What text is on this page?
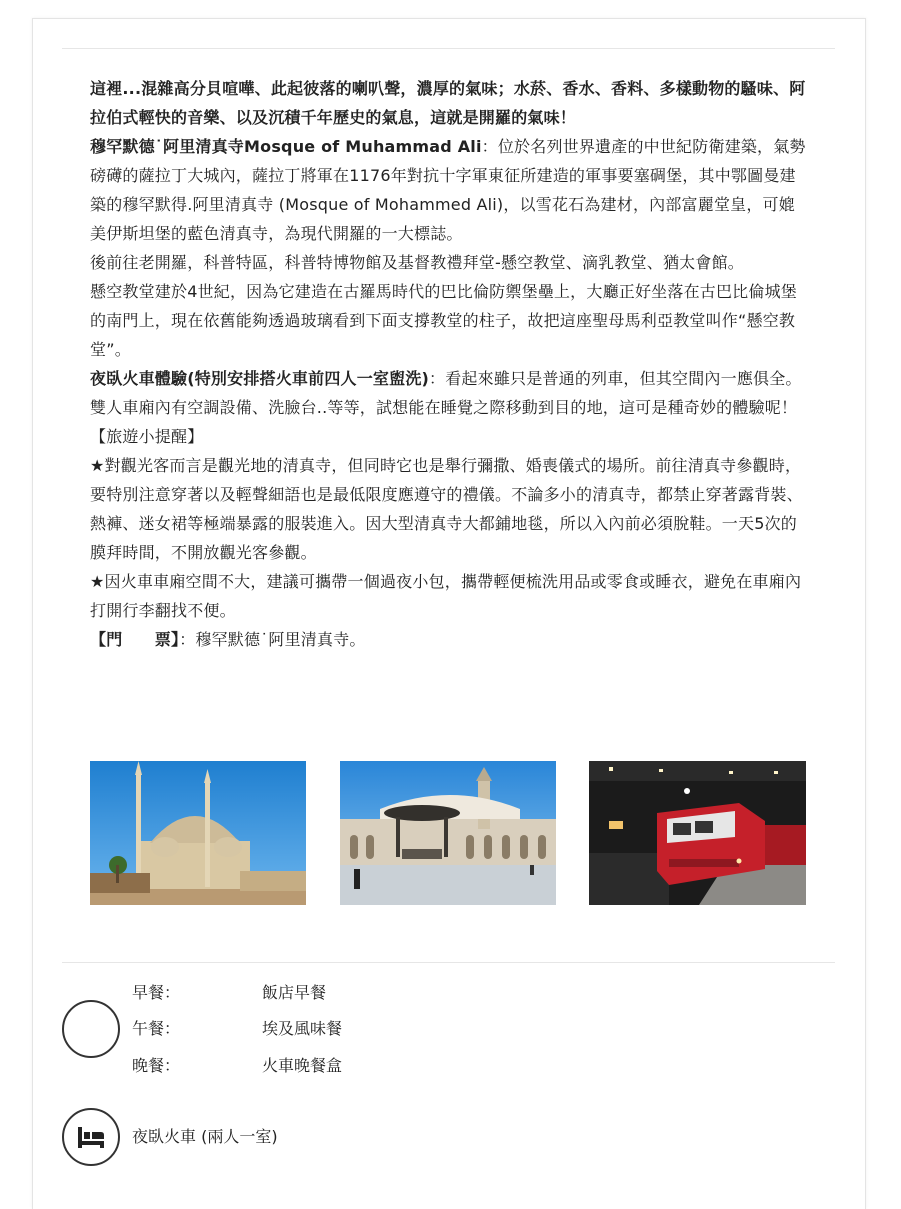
這裡...混雜高分貝喧嘩、此起彼落的喇叭聲，濃厚的氣味；水菸、香水、香料、多樣動物的騷味、阿拉伯式輕快的音樂、以及沉積千年歷史的氣息，這就是開羅的氣味！

穆罕默德˙阿里清真寺Mosque of Muhammad Ali：位於名列世界遺產的中世紀防衛建築，氣勢磅礡的薩拉丁大城內，薩拉丁將軍在1176年對抗十字軍東征所建造的軍事要塞碉堡，其中鄂圖曼建築的穆罕默得.阿里清真寺 (Mosque of Mohammed Ali)，以雪花石為建材，內部富麗堂皇，可媲美伊斯坦堡的藍色清真寺，為現代開羅的一大標誌。

後前往老開羅，科普特區，科普特博物館及基督教禮拜堂-懸空教堂、滴乳教堂、猶太會館。

懸空教堂建於4世紀，因為它建造在古羅馬時代的巴比倫防禦堡壘上，大廳正好坐落在古巴比倫城堡的南門上，現在依舊能夠透過玻璃看到下面支撐教堂的柱子，故把這座聖母馬利亞教堂叫作“懸空教堂”。

夜臥火車體驗(特別安排搭火車前四人一室盥洗)：看起來雖只是普通的列車，但其空間內一應俱全。雙人車廂內有空調設備、洗臉台..等等，試想能在睡覺之際移動到目的地，這可是種奇妙的體驗呢！

【旅遊小提醒】

★對觀光客而言是觀光地的清真寺，但同時它也是舉行彌撒、婚喪儀式的場所。前往清真寺參觀時，要特別注意穿著以及輕聲細語也是最低限度應遵守的禮儀。不論多小的清真寺，都禁止穿著露背裝、熱褲、迷女裙等極端暴露的服裝進入。因大型清真寺大都鋪地毯，所以入內前必須脫鞋。一天5次的膜拜時間，不開放觀光客參觀。

★因火車車廂空間不大，建議可攜帶一個過夜小包，攜帶輕便梳洗用品或零食或睡衣，避免在車廂內打開行李翻找不便。

【門　　票】：穆罕默德˙阿里清真寺。

早餐：	飯店早餐
午餐：	埃及風味餐
晚餐：	火車晚餐盒
夜臥火車 (兩人一室)
